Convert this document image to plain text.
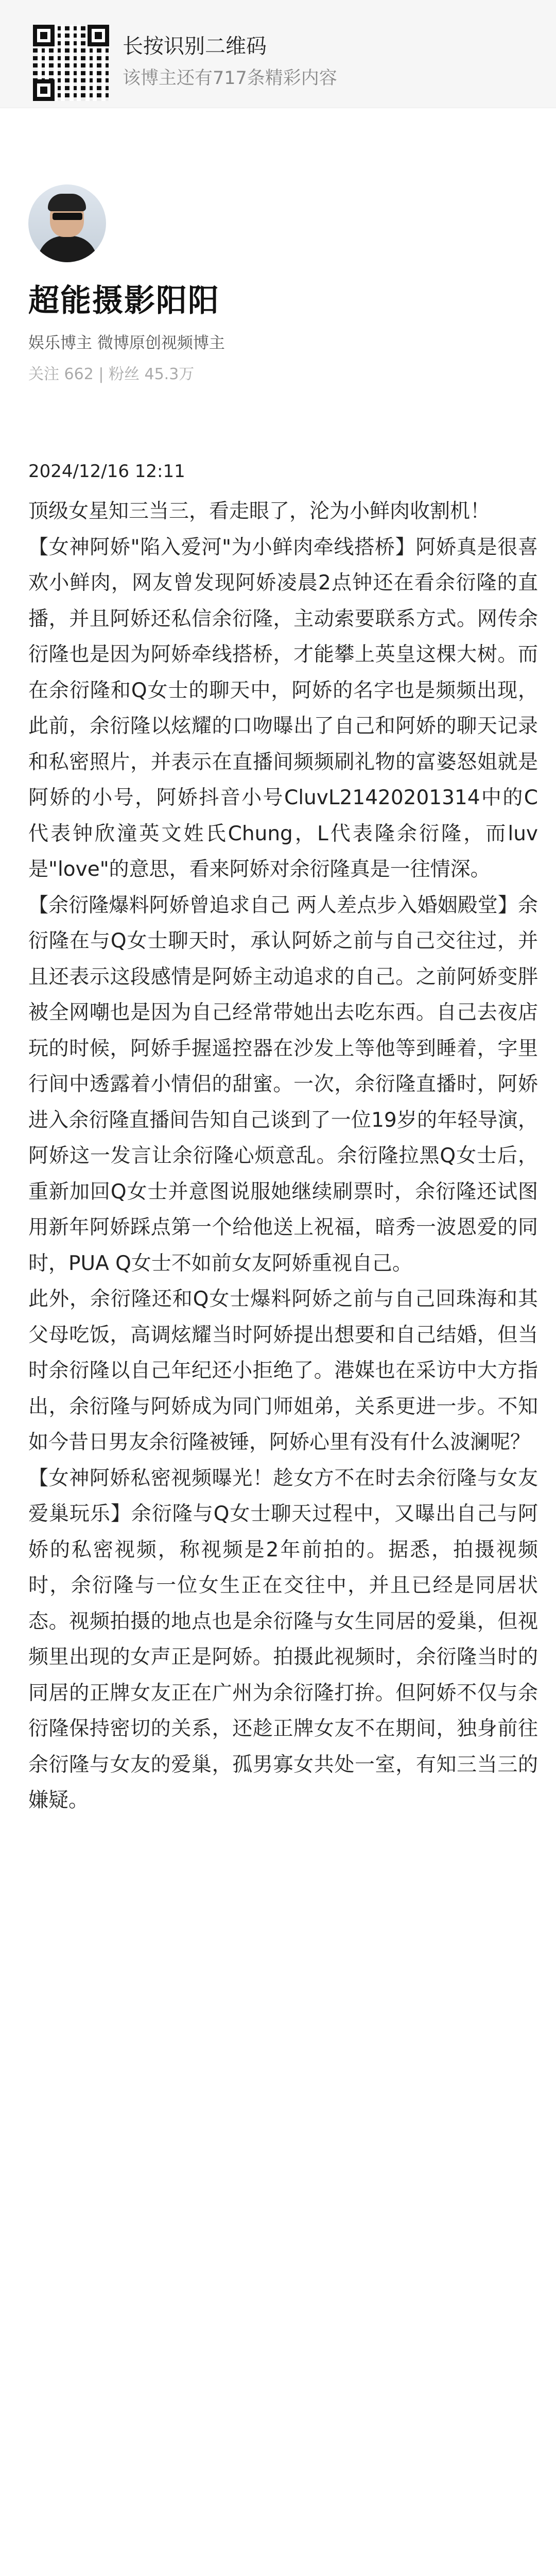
长按识别二维码
该博主还有717条精彩内容
超能摄影阳阳
娱乐博主 微博原创视频博主
关注 662 | 粉丝 45.3万
2024/12/16 12:11

顶级女星知三当三，看走眼了，沦为小鲜肉收割机！

【女神阿娇"陷入爱河"为小鲜肉牵线搭桥】阿娇真是很喜欢小鲜肉，网友曾发现阿娇凌晨2点钟还在看余衍隆的直播，并且阿娇还私信余衍隆，主动索要联系方式。网传余衍隆也是因为阿娇牵线搭桥，才能攀上英皇这棵大树。而在余衍隆和Q女士的聊天中，阿娇的名字也是频频出现，此前，余衍隆以炫耀的口吻曝出了自己和阿娇的聊天记录和私密照片，并表示在直播间频频刷礼物的富婆怒姐就是阿娇的小号，阿娇抖音小号CluvL21420201314中的C代表钟欣潼英文姓氏Chung，L代表隆余衍隆，而luv是"love"的意思，看来阿娇对余衍隆真是一往情深。

【余衍隆爆料阿娇曾追求自己 两人差点步入婚姻殿堂】余衍隆在与Q女士聊天时，承认阿娇之前与自己交往过，并且还表示这段感情是阿娇主动追求的自己。之前阿娇变胖被全网嘲也是因为自己经常带她出去吃东西。自己去夜店玩的时候，阿娇手握遥控器在沙发上等他等到睡着，字里行间中透露着小情侣的甜蜜。一次，余衍隆直播时，阿娇进入余衍隆直播间告知自己谈到了一位19岁的年轻导演，阿娇这一发言让余衍隆心烦意乱。余衍隆拉黑Q女士后，重新加回Q女士并意图说服她继续刷票时，余衍隆还试图用新年阿娇踩点第一个给他送上祝福，暗秀一波恩爱的同时，PUA Q女士不如前女友阿娇重视自己。

此外，余衍隆还和Q女士爆料阿娇之前与自己回珠海和其父母吃饭，高调炫耀当时阿娇提出想要和自己结婚，但当时余衍隆以自己年纪还小拒绝了。港媒也在采访中大方指出，余衍隆与阿娇成为同门师姐弟，关系更进一步。不知如今昔日男友余衍隆被锤，阿娇心里有没有什么波澜呢？

【女神阿娇私密视频曝光！趁女方不在时去余衍隆与女友爱巢玩乐】余衍隆与Q女士聊天过程中，又曝出自己与阿娇的私密视频，称视频是2年前拍的。据悉，拍摄视频时，余衍隆与一位女生正在交往中，并且已经是同居状态。视频拍摄的地点也是余衍隆与女生同居的爱巢，但视频里出现的女声正是阿娇。拍摄此视频时，余衍隆当时的同居的正牌女友正在广州为余衍隆打拚。但阿娇不仅与余衍隆保持密切的关系，还趁正牌女友不在期间，独身前往余衍隆与女友的爱巢，孤男寡女共处一室，有知三当三的嫌疑。
